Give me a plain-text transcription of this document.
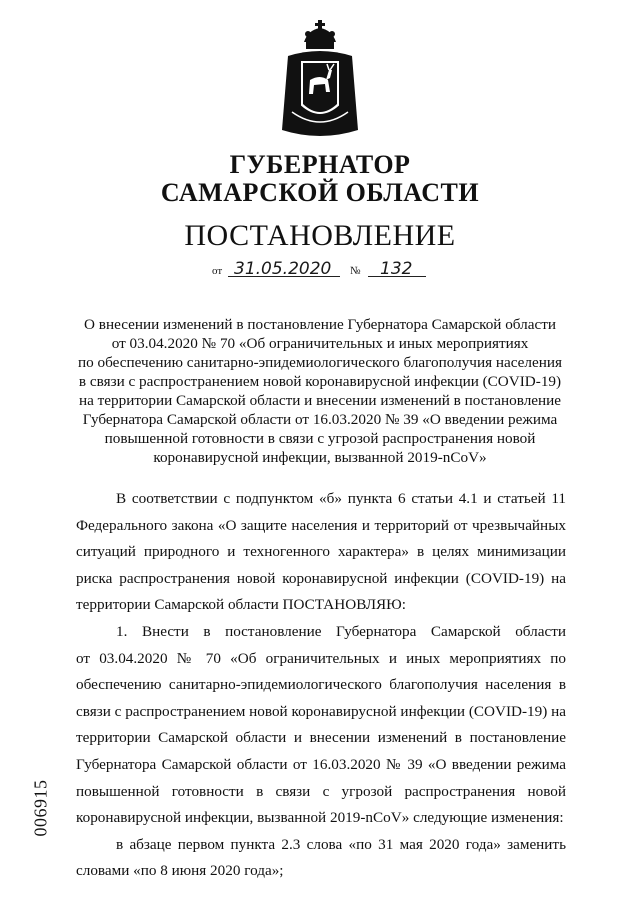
ГУБЕРНАТОР
САМАРСКОЙ ОБЛАСТИ
ПОСТАНОВЛЕНИЕ
от 31.05.2020 № 132
О внесении изменений в постановление Губернатора Самарской области
от 03.04.2020 № 70 «Об ограничительных и иных мероприятиях
по обеспечению санитарно-эпидемиологического благополучия населения
в связи с распространением новой коронавирусной инфекции (COVID-19)
на территории Самарской области и внесении изменений в постановление
Губернатора Самарской области от 16.03.2020 № 39 «О введении режима
повышенной готовности в связи с угрозой распространения новой
коронавирусной инфекции, вызванной 2019-nCoV»
В соответствии с подпунктом «б» пункта 6 статьи 4.1 и статьей 11
Федерального закона «О защите населения и территорий от чрезвычайных
ситуаций природного и техногенного характера» в целях минимизации
риска распространения новой коронавирусной инфекции (COVID-19) на
территории Самарской области ПОСТАНОВЛЯЮ:
1. Внести в постановление Губернатора Самарской области
от 03.04.2020 № 70 «Об ограничительных и иных мероприятиях по
обеспечению санитарно-эпидемиологического благополучия населения в
связи с распространением новой коронавирусной инфекции (COVID-19) на
территории Самарской области и внесении изменений в постановление
Губернатора Самарской области от 16.03.2020 № 39 «О введении режима
повышенной готовности в связи с угрозой распространения новой
коронавирусной инфекции, вызванной 2019-nCoV» следующие изменения:
в абзаце первом пункта 2.3 слова «по 31 мая 2020 года» заменить
словами «по 8 июня 2020 года»;
006915
